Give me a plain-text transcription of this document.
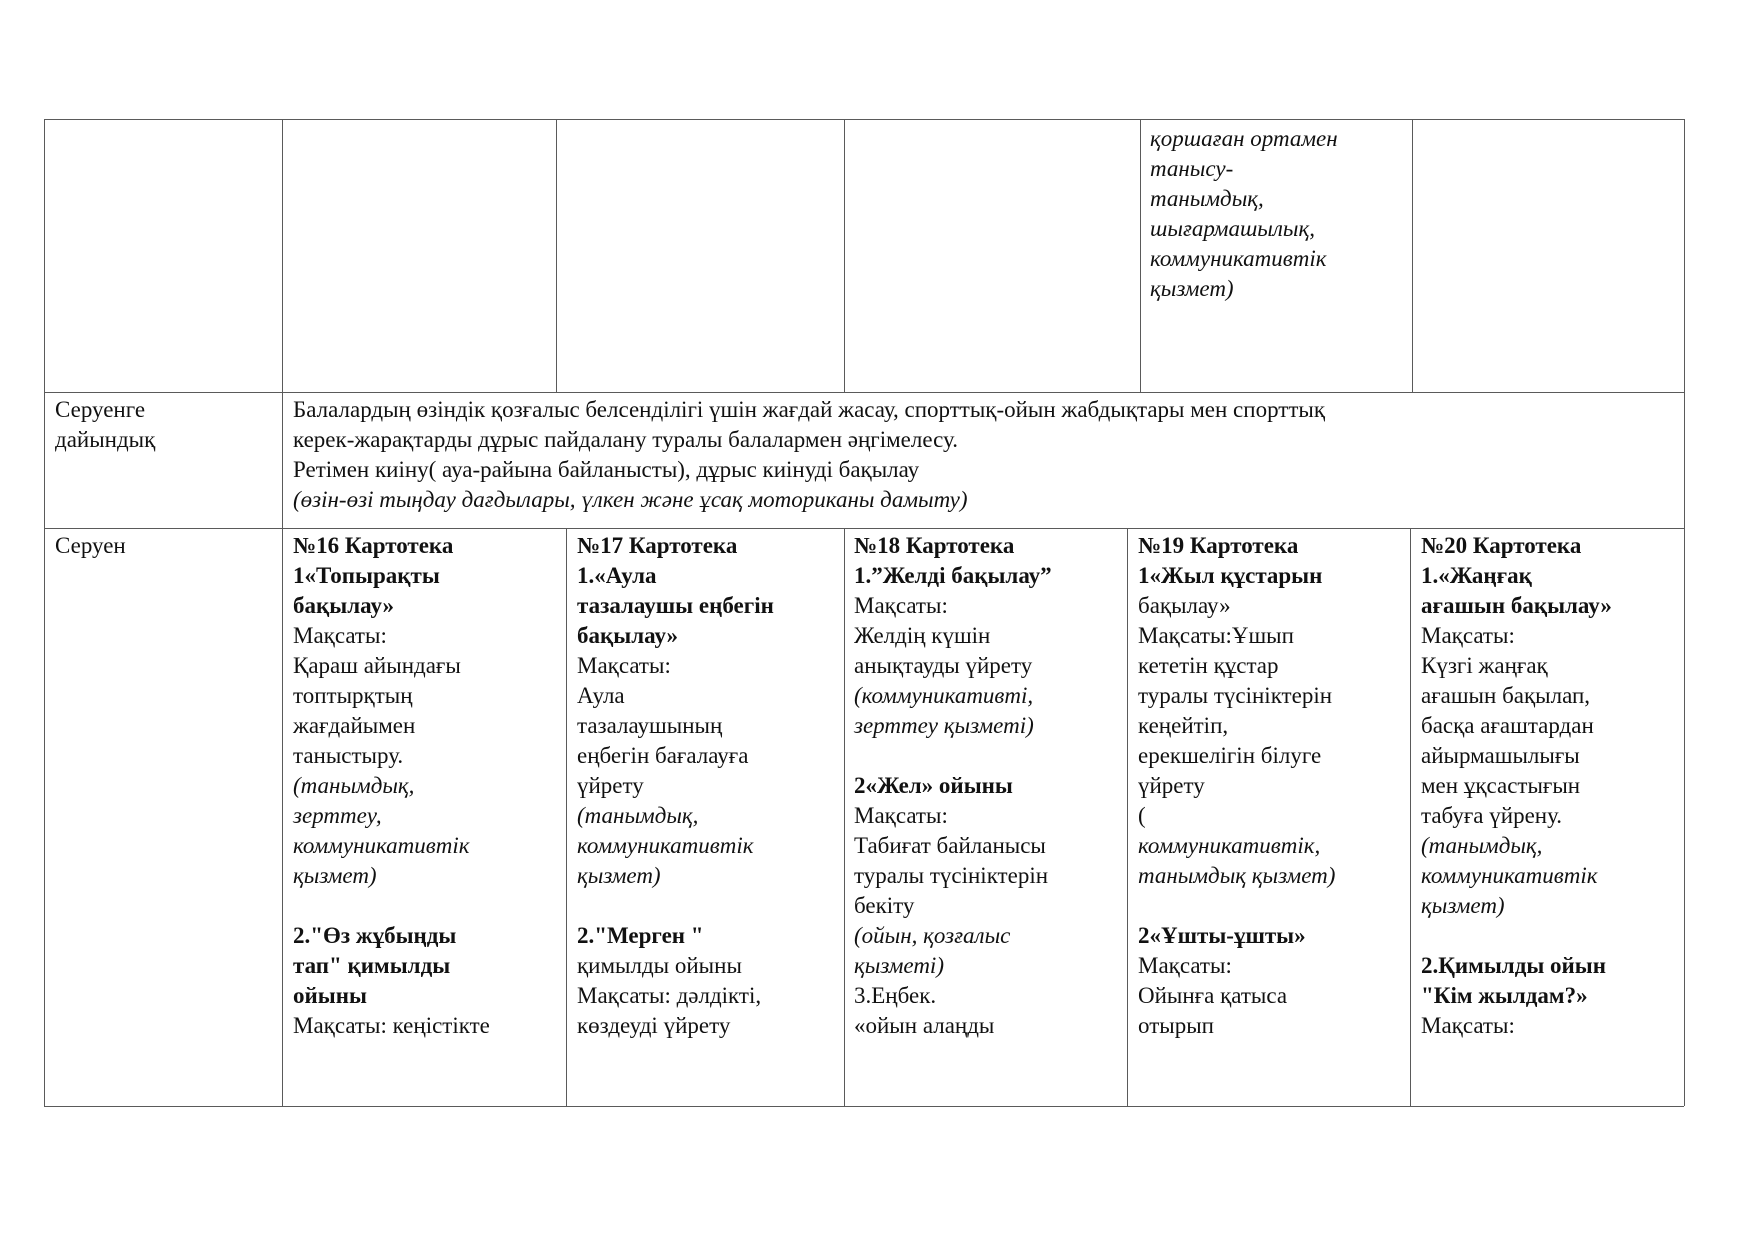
қоршаған ортамен
танысу-
танымдық,
шығармашылық,
коммуникативтік
қызмет)
Серуенге
дайындық
Балалардың өзіндік қозғалыс белсенділігі үшін жағдай жасау, спорттық-ойын жабдықтары мен спорттық
керек-жарақтарды дұрыс пайдалану туралы балалармен әңгімелесу.
Ретімен киіну( ауа-райына байланысты), дұрыс киінуді бақылау
(өзін-өзі тыңдау дағдылары, үлкен және ұсақ моториканы дамыту)
Серуен	№16 Картотека
1«Топырақты
бақылау»
Мақсаты:
Қараш айындағы
топтырқтың
жағдайымен
таныстыру.
(танымдық,
зерттеу,
коммуникативтік
қызмет)
2."Өз жұбыңды
тап" қимылды
ойыны
Мақсаты: кеңістікте
№17 Картотека
1.«Аула
тазалаушы еңбегін
бақылау»
Мақсаты:
Аула
тазалаушының
еңбегін бағалауға
үйрету
(танымдық,
коммуникативтік
қызмет)
2."Мерген "
қимылды ойыны
Мақсаты: дәлдікті,
көздеуді үйрету
№18 Картотека
1.”Желді бақылау”
Мақсаты:
Желдің күшін
анықтауды үйрету
(коммуникативті,
зерттеу қызметі)
2«Жел» ойыны
Мақсаты:
Табиғат байланысы
туралы түсініктерін
бекіту
(ойын, қозғалыс
қызметі)
3.Еңбек.
«ойын алаңды
№19 Картотека
1«Жыл құстарын
бақылау»
Мақсаты:Ұшып
кететін құстар
туралы түсініктерін
кеңейтіп,
ерекшелігін білуге
үйрету
(
коммуникативтік,
танымдық қызмет)
2«Ұшты-ұшты»
Мақсаты:
Ойынға қатыса
отырып
№20 Картотека
1.«Жаңғақ
ағашын бақылау»
Мақсаты:
Күзгі жаңғақ
ағашын бақылап,
басқа ағаштардан
айырмашылығы
мен ұқсастығын
табуға үйрену.
(танымдық,
коммуникативтік
қызмет)
2.Қимылды ойын
"Кім жылдам?»
Мақсаты:
